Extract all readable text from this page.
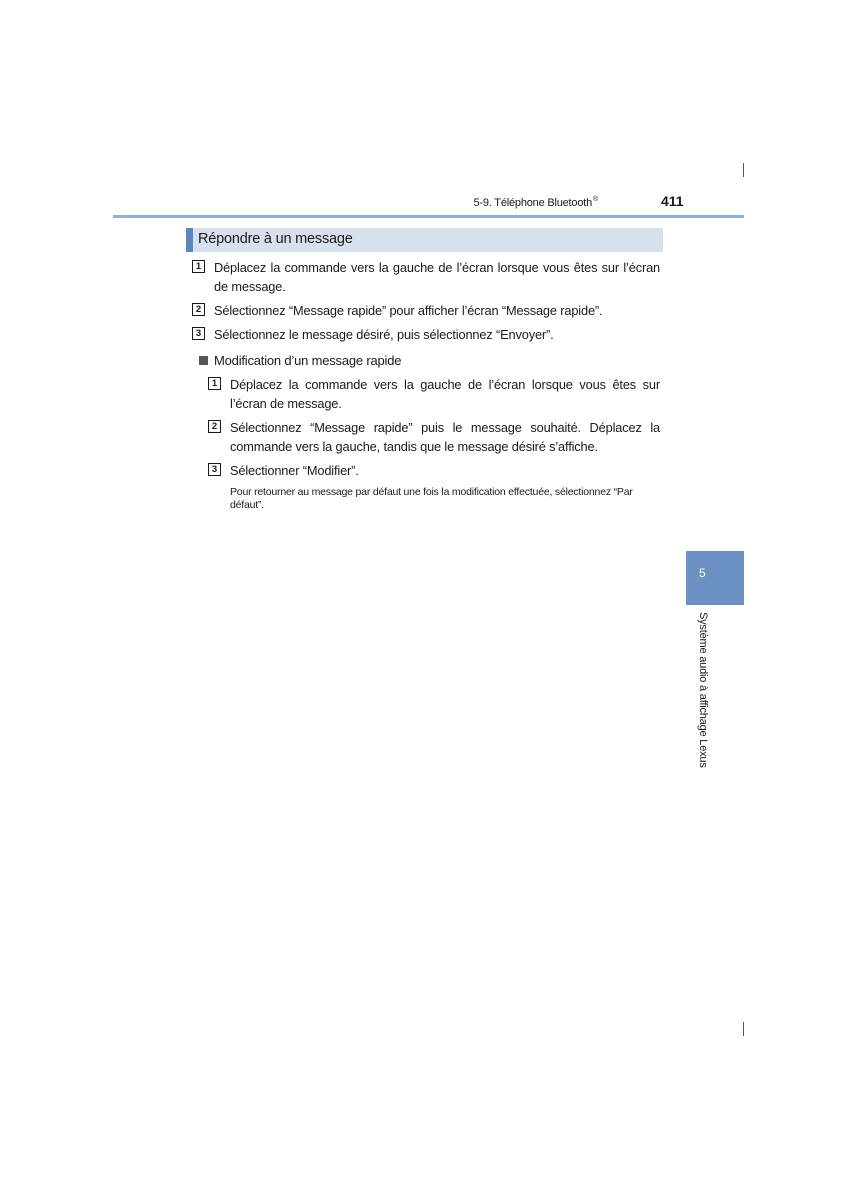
5-9. Téléphone Bluetooth®	411
Répondre à un message
1	Déplacez la commande vers la gauche de l’écran lorsque vous êtes sur l’écran de message.
2	Sélectionnez “Message rapide” pour afficher l’écran “Message rapide”.
3	Sélectionnez le message désiré, puis sélectionnez “Envoyer”.
Modification d’un message rapide
1	Déplacez la commande vers la gauche de l’écran lorsque vous êtes sur l’écran de message.
2	Sélectionnez “Message rapide” puis le message souhaité. Déplacez la commande vers la gauche, tandis que le message désiré s’affiche.
3	Sélectionner “Modifier”.
Pour retourner au message par défaut une fois la modification effectuée, sélectionnez “Par défaut”.
5
Système audio à affichage Lexus
